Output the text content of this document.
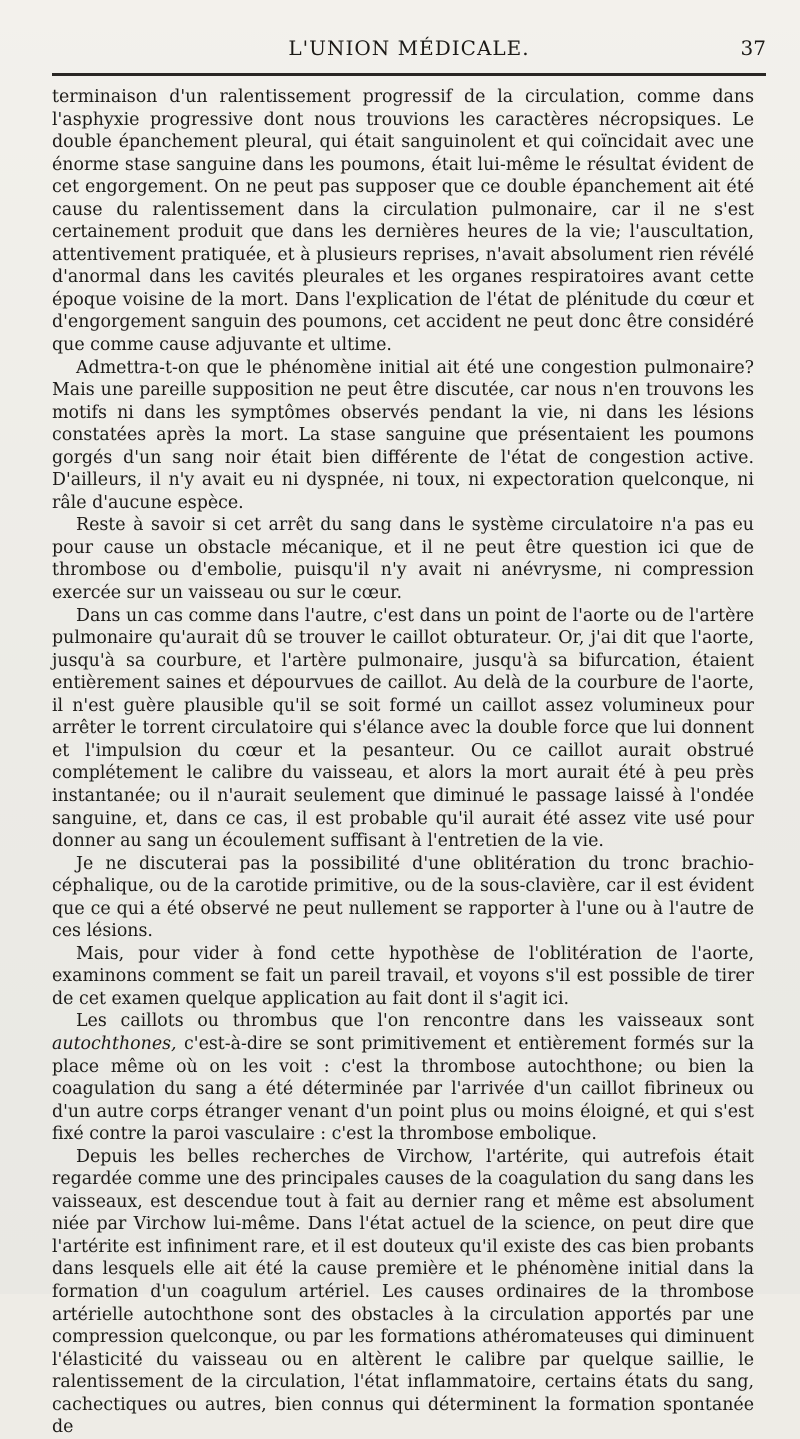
L'UNION MÉDICALE.	37

terminaison d'un ralentissement progressif de la circulation, comme dans l'asphyxie progressive dont nous trouvions les caractères nécropsiques. Le double épanchement pleural, qui était sanguinolent et qui coïncidait avec une énorme stase sanguine dans les poumons, était lui-même le résultat évident de cet engorgement. On ne peut pas supposer que ce double épanchement ait été cause du ralentissement dans la circulation pulmonaire, car il ne s'est certainement produit que dans les dernières heures de la vie; l'auscultation, attentivement pratiquée, et à plusieurs reprises, n'avait absolument rien révélé d'anormal dans les cavités pleurales et les organes respiratoires avant cette époque voisine de la mort. Dans l'explication de l'état de plénitude du cœur et d'engorgement sanguin des poumons, cet accident ne peut donc être considéré que comme cause adjuvante et ultime.

Admettra-t-on que le phénomène initial ait été une congestion pulmonaire? Mais une pareille supposition ne peut être discutée, car nous n'en trouvons les motifs ni dans les symptômes observés pendant la vie, ni dans les lésions constatées après la mort. La stase sanguine que présentaient les poumons gorgés d'un sang noir était bien différente de l'état de congestion active. D'ailleurs, il n'y avait eu ni dyspnée, ni toux, ni expectoration quelconque, ni râle d'aucune espèce.

Reste à savoir si cet arrêt du sang dans le système circulatoire n'a pas eu pour cause un obstacle mécanique, et il ne peut être question ici que de thrombose ou d'embolie, puisqu'il n'y avait ni anévrysme, ni compression exercée sur un vaisseau ou sur le cœur.

Dans un cas comme dans l'autre, c'est dans un point de l'aorte ou de l'artère pulmonaire qu'aurait dû se trouver le caillot obturateur. Or, j'ai dit que l'aorte, jusqu'à sa courbure, et l'artère pulmonaire, jusqu'à sa bifurcation, étaient entièrement saines et dépourvues de caillot. Au delà de la courbure de l'aorte, il n'est guère plausible qu'il se soit formé un caillot assez volumineux pour arrêter le torrent circulatoire qui s'élance avec la double force que lui donnent et l'impulsion du cœur et la pesanteur. Ou ce caillot aurait obstrué complétement le calibre du vaisseau, et alors la mort aurait été à peu près instantanée; ou il n'aurait seulement que diminué le passage laissé à l'ondée sanguine, et, dans ce cas, il est probable qu'il aurait été assez vite usé pour donner au sang un écoulement suffisant à l'entretien de la vie.

Je ne discuterai pas la possibilité d'une oblitération du tronc brachio-céphalique, ou de la carotide primitive, ou de la sous-clavière, car il est évident que ce qui a été observé ne peut nullement se rapporter à l'une ou à l'autre de ces lésions.

Mais, pour vider à fond cette hypothèse de l'oblitération de l'aorte, examinons comment se fait un pareil travail, et voyons s'il est possible de tirer de cet examen quelque application au fait dont il s'agit ici.

Les caillots ou thrombus que l'on rencontre dans les vaisseaux sont autochthones, c'est-à-dire se sont primitivement et entièrement formés sur la place même où on les voit : c'est la thrombose autochthone; ou bien la coagulation du sang a été déterminée par l'arrivée d'un caillot fibrineux ou d'un autre corps étranger venant d'un point plus ou moins éloigné, et qui s'est fixé contre la paroi vasculaire : c'est la thrombose embolique.

Depuis les belles recherches de Virchow, l'artérite, qui autrefois était regardée comme une des principales causes de la coagulation du sang dans les vaisseaux, est descendue tout à fait au dernier rang et même est absolument niée par Virchow lui-même. Dans l'état actuel de la science, on peut dire que l'artérite est infiniment rare, et il est douteux qu'il existe des cas bien probants dans lesquels elle ait été la cause première et le phénomène initial dans la formation d'un coagulum artériel. Les causes ordinaires de la thrombose artérielle autochthone sont des obstacles à la circulation apportés par une compression quelconque, ou par les formations athéromateuses qui diminuent l'élasticité du vaisseau ou en altèrent le calibre par quelque saillie, le ralentissement de la circulation, l'état inflammatoire, certains états du sang, cachectiques ou autres, bien connus qui déterminent la formation spontanée de
